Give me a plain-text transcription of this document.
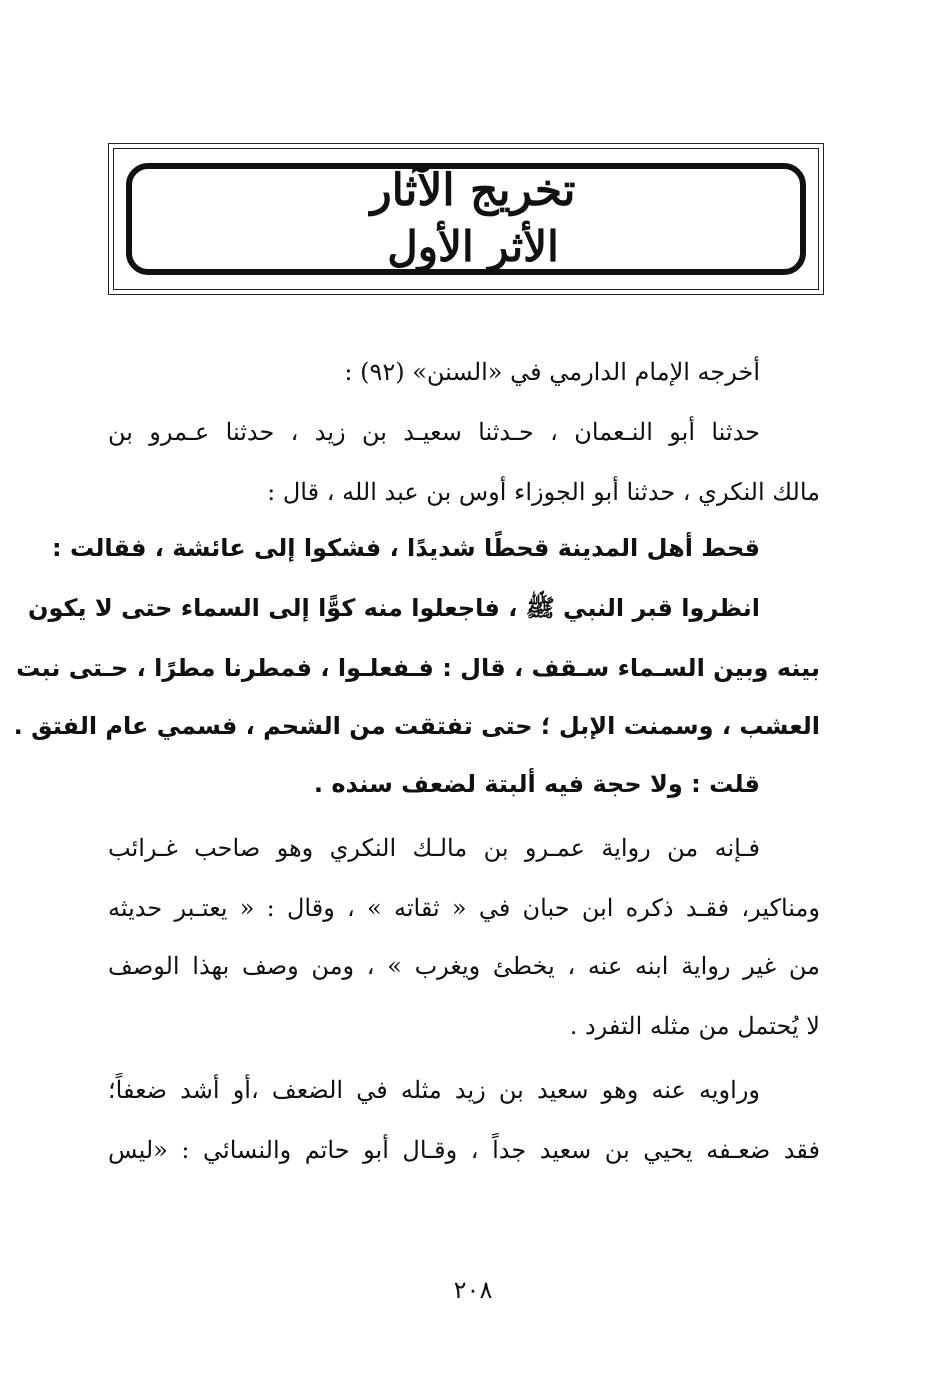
تخريج الآثار
الأثر الأول
أخرجه الإمام الدارمي في «السنن» (٩٢) :
حدثنا أبو النـعمان ، حـدثنا سعيـد بن زيد ، حدثنا عـمرو بن
مالك النكري ، حدثنا أبو الجوزاء أوس بن عبد الله ، قال :
قحط أهل المدينة قحطًا شديدًا ، فشكوا إلى عائشة ، فقالت :
انظروا قبر النبي ﷺ ، فاجعلوا منه كوًّا إلى السماء حتى لا يكون
بينه وبين السـماء سـقف ، قال : فـفعلـوا ، فمطرنا مطرًا ، حـتى نبت
العشب ، وسمنت الإبل ؛ حتى تفتقت من الشحم ، فسمي عام الفتق .
قلت : ولا حجة فيه ألبتة لضعف سنده .
فـإنه من رواية عمـرو بن مالـك النكري وهو صاحب غـرائب
ومناكير، فقـد ذكره ابن حبان في « ثقاته » ، وقال : « يعتـبر حديثه
من غير رواية ابنه عنه ، يخطئ ويغرب » ، ومن وصف بهذا الوصف
لا يُحتمل من مثله التفرد .
وراويه عنه وهو سعيد بن زيد مثله في الضعف ،أو أشد ضعفاً؛
فقد ضعـفه يحيي بن سعيد جداً ، وقـال أبو حاتم والنسائي : «ليس
٢٠٨
